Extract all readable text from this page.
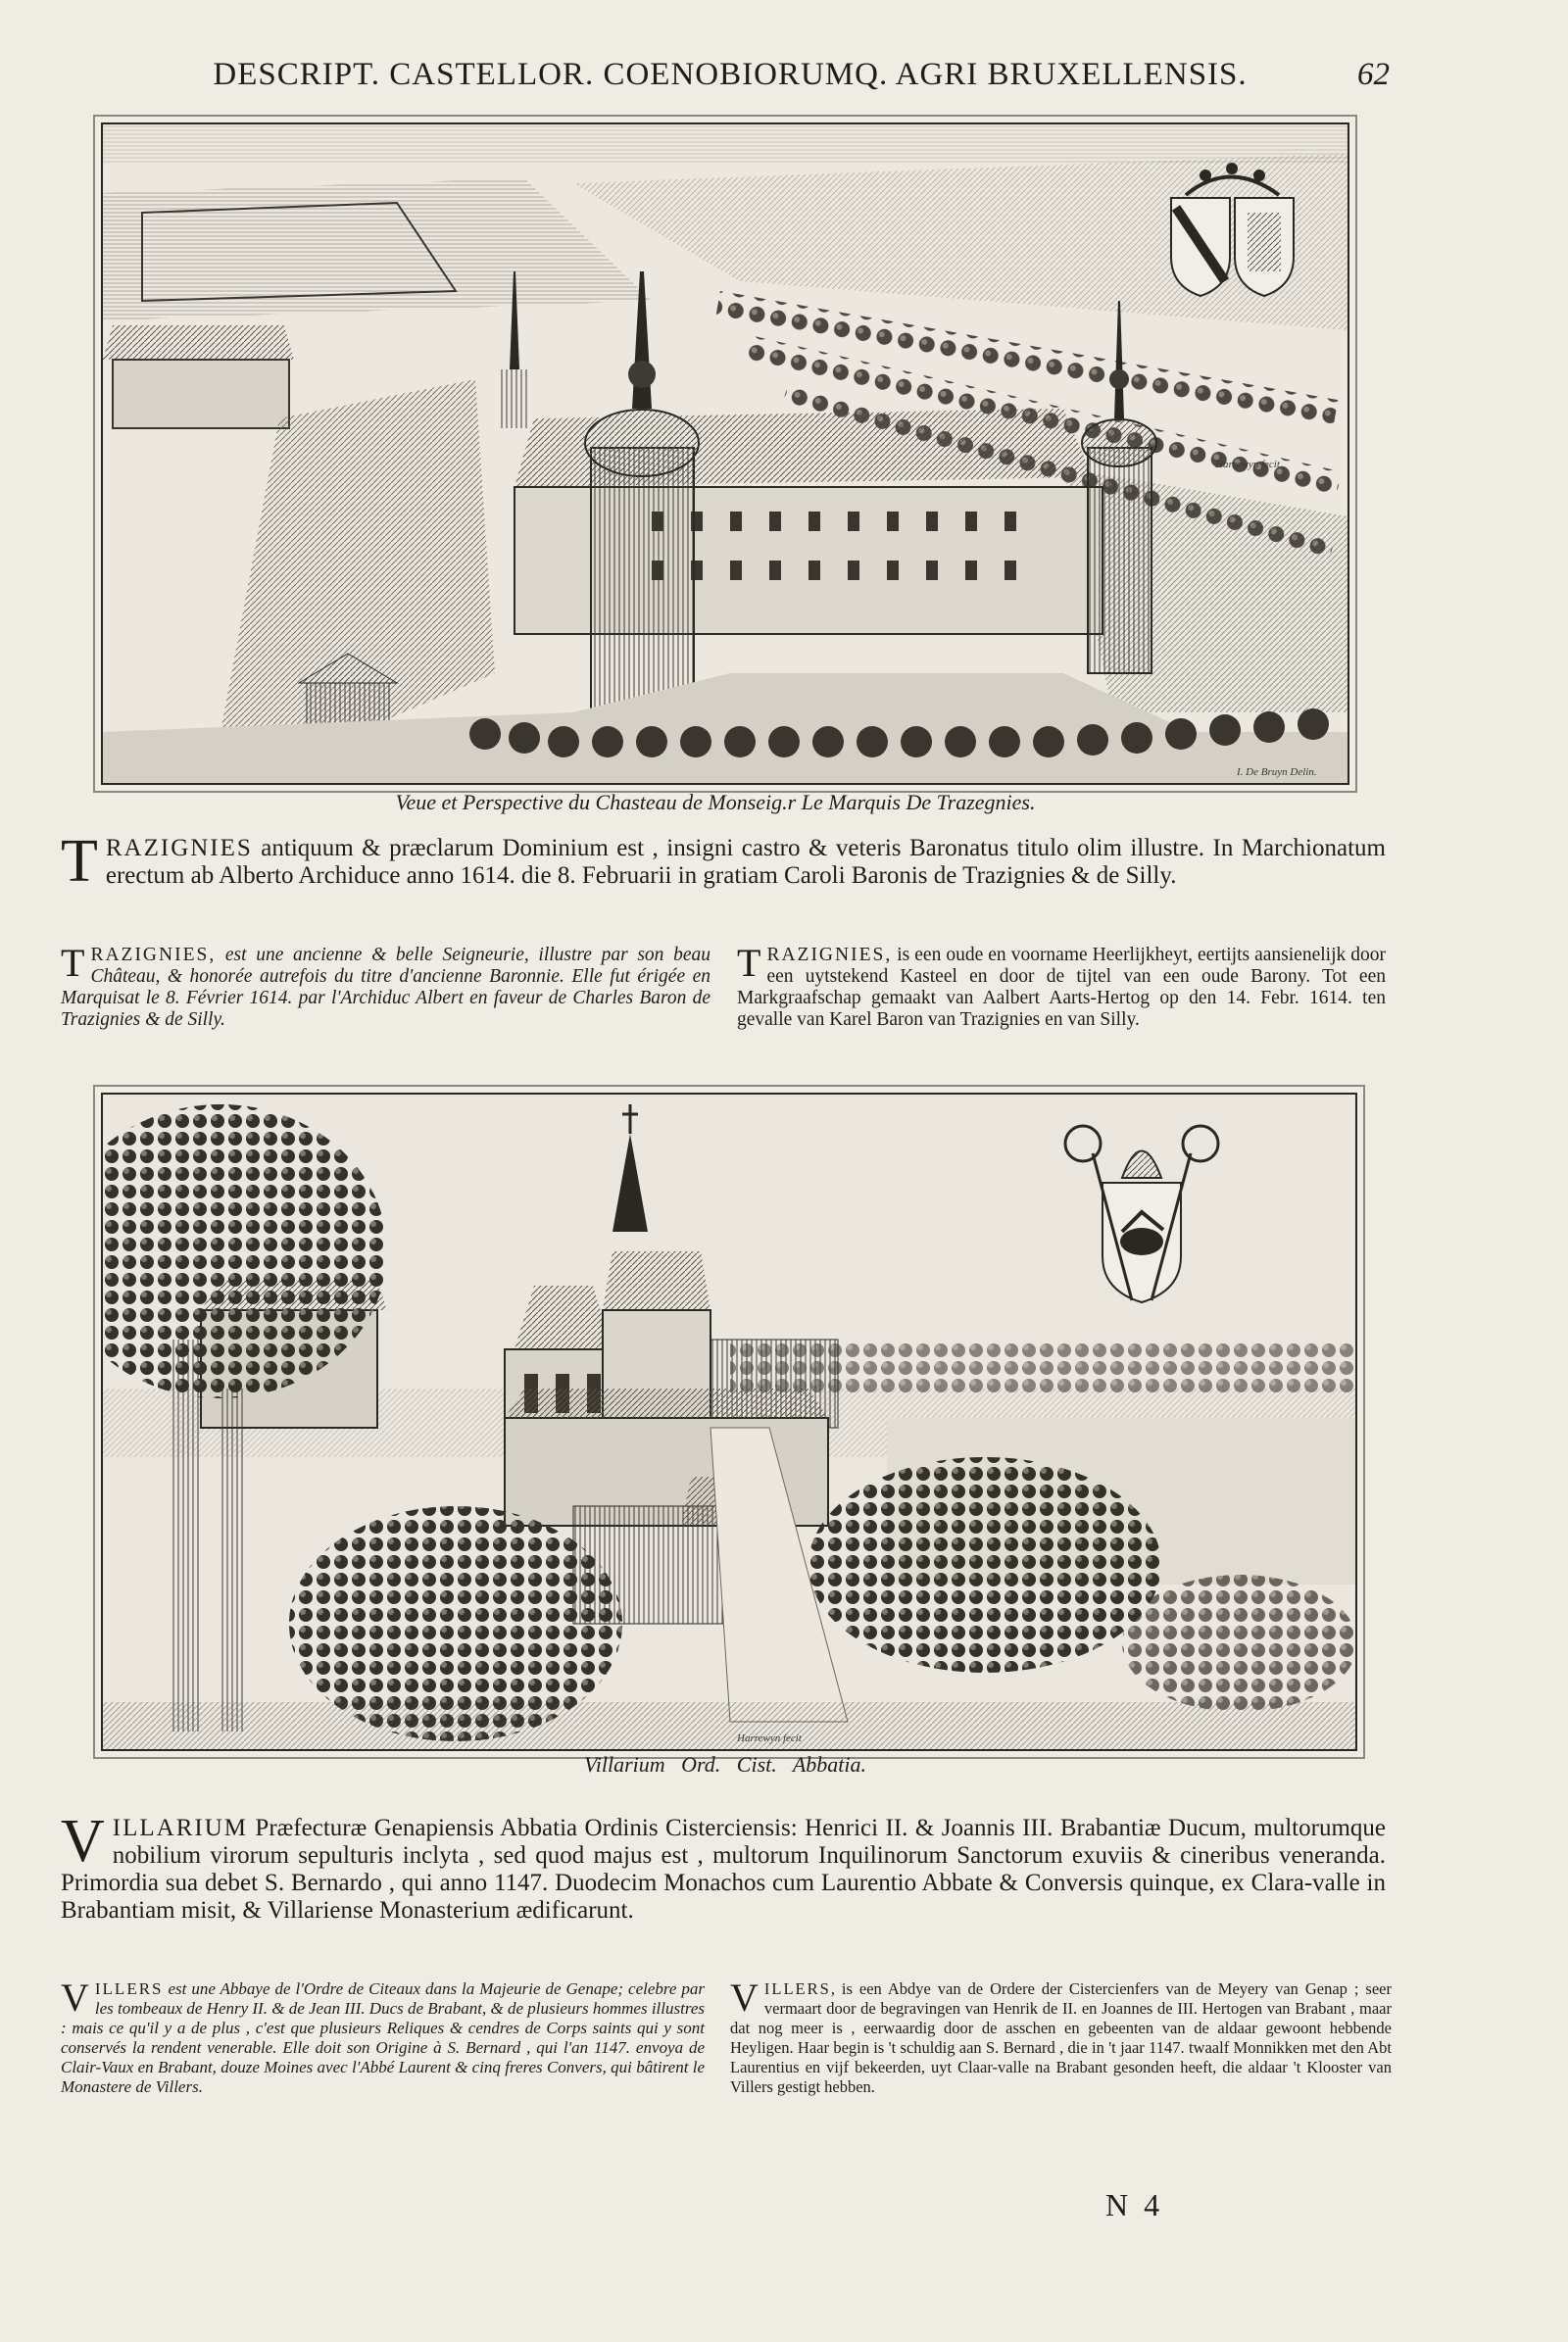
DESCRIPT. CASTELLOR. COENOBIORUMQ. AGRI BRUXELLENSIS.	62
Harrewyn fecit
I. De Bruyn Delin.
Veue et Perspective du Chasteau de Monseig.r Le Marquis De Trazegnies.
TRAZIGNIES antiquum & præclarum Dominium est , insigni castro & veteris Baronatus titulo olim illustre. In Marchionatum erectum ab Alberto Archiduce anno 1614. die 8. Februarii in gratiam Caroli Baronis de Trazignies & de Silly.
TRAZIGNIES, est une ancienne & belle Seigneurie, illustre par son beau Château, & honorée autrefois du titre d'ancienne Baronnie. Elle fut érigée en Marquisat le 8. Février 1614. par l'Archiduc Albert en faveur de Charles Baron de Trazignies & de Silly.
TRAZIGNIES, is een oude en voorname Heerlijkheyt, eertijts aansienelijk door een uytstekend Kasteel en door de tijtel van een oude Barony. Tot een Markgraafschap gemaakt van Aalbert Aarts-Hertog op den 14. Febr. 1614. ten gevalle van Karel Baron van Trazignies en van Silly.
Harrewyn fecit
Villarium   Ord.   Cist.   Abbatia.
VILLARIUM Præfecturæ Genapiensis Abbatia Ordinis Cisterciensis: Henrici II. & Joannis III. Brabantiæ Ducum, multorumque nobilium virorum sepulturis inclyta , sed quod majus est , multorum Inquilinorum Sanctorum exuviis & cineribus veneranda. Primordia sua debet S. Bernardo , qui anno 1147. Duodecim Monachos cum Laurentio Abbate & Conversis quinque, ex Clara-valle in Brabantiam misit, & Villariense Monasterium ædificarunt.
VILLERS est une Abbaye de l'Ordre de Citeaux dans la Majeurie de Genape; celebre par les tombeaux de Henry II. & de Jean III. Ducs de Brabant, & de plusieurs hommes illustres : mais ce qu'il y a de plus , c'est que plusieurs Reliques & cendres de Corps saints qui y sont conservés la rendent venerable. Elle doit son Origine à S. Bernard , qui l'an 1147. envoya de Clair-Vaux en Brabant, douze Moines avec l'Abbé Laurent & cinq freres Convers, qui bâtirent le Monastere de Villers.
VILLERS, is een Abdye van de Ordere der Cistercienfers van de Meyery van Genap ; seer vermaart door de begravingen van Henrik de II. en Joannes de III. Hertogen van Brabant , maar dat nog meer is , eerwaardig door de asschen en gebeenten van de aldaar gewoont hebbende Heyligen. Haar begin is 't schuldig aan S. Bernard , die in 't jaar 1147. twaalf Monnikken met den Abt Laurentius en vijf bekeerden, uyt Claar-valle na Brabant gesonden heeft, die aldaar 't Klooster van Villers gestigt hebben.
N 4
